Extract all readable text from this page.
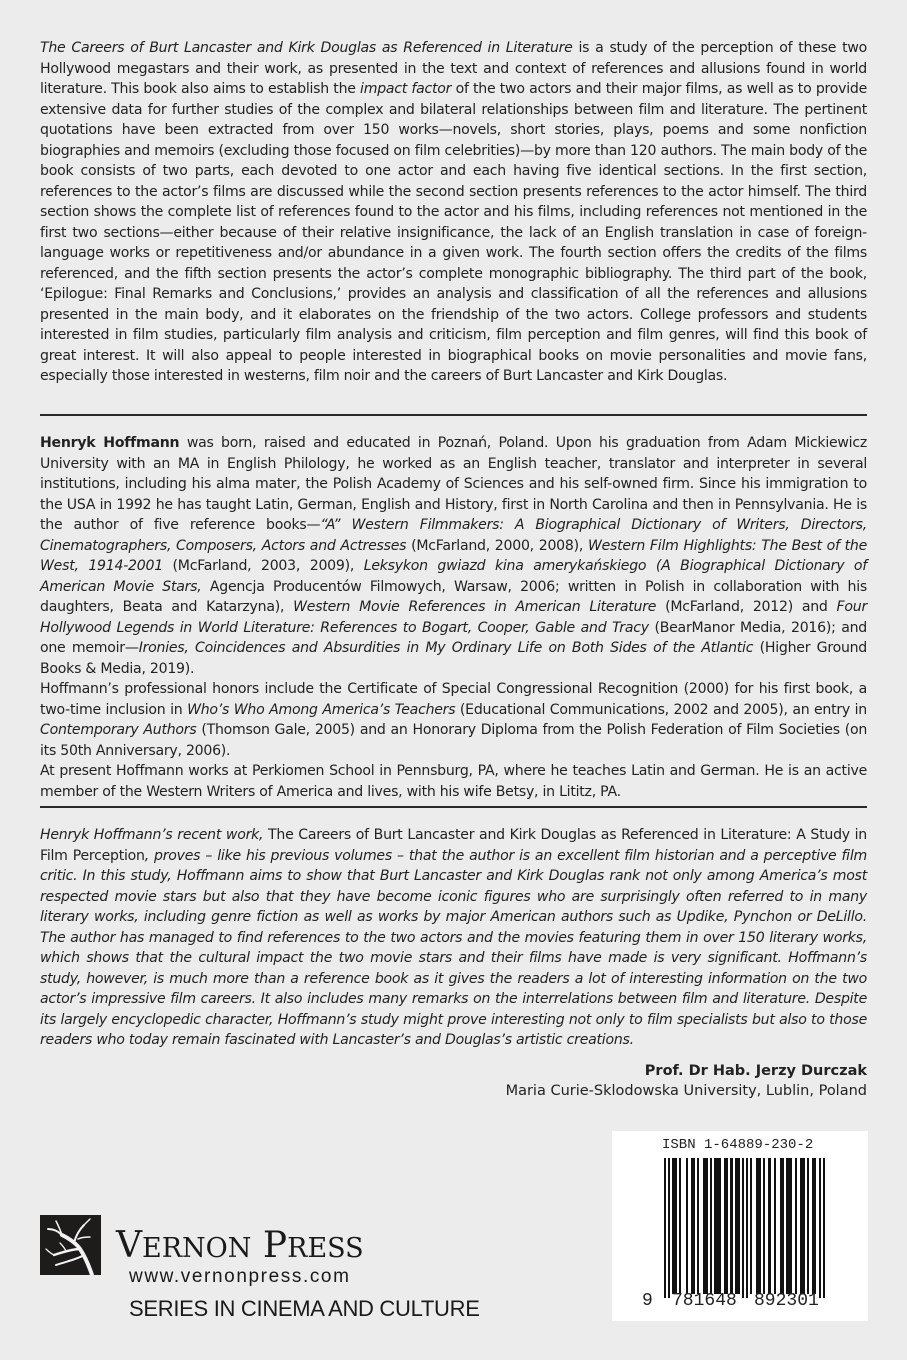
The Careers of Burt Lancaster and Kirk Douglas as Referenced in Literature is a study of the perception of these two Hollywood megastars and their work, as presented in the text and context of references and allusions found in world literature. This book also aims to establish the impact factor of the two actors and their major films, as well as to provide extensive data for further studies of the complex and bilateral relationships between film and literature. The pertinent quotations have been extracted from over 150 works—novels, short stories, plays, poems and some nonfiction biographies and memoirs (excluding those focused on film celebrities)—by more than 120 authors. The main body of the book consists of two parts, each devoted to one actor and each having five identical sections. In the first section, references to the actor’s films are discussed while the second section presents references to the actor himself. The third section shows the complete list of references found to the actor and his films, including references not mentioned in the first two sections—either because of their relative insignificance, the lack of an English translation in case of foreign-language works or repetitiveness and/or abundance in a given work. The fourth section offers the credits of the films referenced, and the fifth section presents the actor’s complete monographic bibliography. The third part of the book, ‘Epilogue: Final Remarks and Conclusions,’ provides an analysis and classification of all the references and allusions presented in the main body, and it elaborates on the friendship of the two actors. College professors and students interested in film studies, particularly film analysis and criticism, film perception and film genres, will find this book of great interest. It will also appeal to people interested in biographical books on movie personalities and movie fans, especially those interested in westerns, film noir and the careers of Burt Lancaster and Kirk Douglas.

Henryk Hoffmann was born, raised and educated in Poznań, Poland. Upon his graduation from Adam Mickiewicz University with an MA in English Philology, he worked as an English teacher, translator and interpreter in several institutions, including his alma mater, the Polish Academy of Sciences and his self-owned firm. Since his immigration to the USA in 1992 he has taught Latin, German, English and History, first in North Carolina and then in Pennsylvania. He is the author of five reference books—“A” Western Filmmakers: A Biographical Dictionary of Writers, Directors, Cinematographers, Composers, Actors and Actresses (McFarland, 2000, 2008), Western Film Highlights: The Best of the West, 1914-2001 (McFarland, 2003, 2009), Leksykon gwiazd kina amerykańskiego (A Biographical Dictionary of American Movie Stars, Agencja Producentów Filmowych, Warsaw, 2006; written in Polish in collaboration with his daughters, Beata and Katarzyna), Western Movie References in American Literature (McFarland, 2012) and Four Hollywood Legends in World Literature: References to Bogart, Cooper, Gable and Tracy (BearManor Media, 2016); and one memoir—Ironies, Coincidences and Absurdities in My Ordinary Life on Both Sides of the Atlantic (Higher Ground Books & Media, 2019).

Hoffmann’s professional honors include the Certificate of Special Congressional Recognition (2000) for his first book, a two-time inclusion in Who’s Who Among America’s Teachers (Educational Communications, 2002 and 2005), an entry in Contemporary Authors (Thomson Gale, 2005) and an Honorary Diploma from the Polish Federation of Film Societies (on its 50th Anniversary, 2006).

At present Hoffmann works at Perkiomen School in Pennsburg, PA, where he teaches Latin and German. He is an active member of the Western Writers of America and lives, with his wife Betsy, in Lititz, PA.

Henryk Hoffmann’s recent work, The Careers of Burt Lancaster and Kirk Douglas as Referenced in Literature: A Study in Film Perception, proves – like his previous volumes – that the author is an excellent film historian and a perceptive film critic. In this study, Hoffmann aims to show that Burt Lancaster and Kirk Douglas rank not only among America’s most respected movie stars but also that they have become iconic figures who are surprisingly often referred to in many literary works, including genre fiction as well as works by major American authors such as Updike, Pynchon or DeLillo. The author has managed to find references to the two actors and the movies featuring them in over 150 literary works, which shows that the cultural impact the two movie stars and their films have made is very significant. Hoffmann’s study, however, is much more than a reference book as it gives the readers a lot of interesting information on the two actor’s impressive film careers. It also includes many remarks on the interrelations between film and literature. Despite its largely encyclopedic character, Hoffmann’s study might prove interesting not only to film specialists but also to those readers who today remain fascinated with Lancaster’s and Douglas’s artistic creations.

Prof. Dr Hab. Jerzy Durczak
Maria Curie-Sklodowska University, Lublin, Poland
VERNON PRESS
www.vernonpress.com
SERIES IN CINEMA AND CULTURE
ISBN 1-64889-230-2
9 781648 892301
